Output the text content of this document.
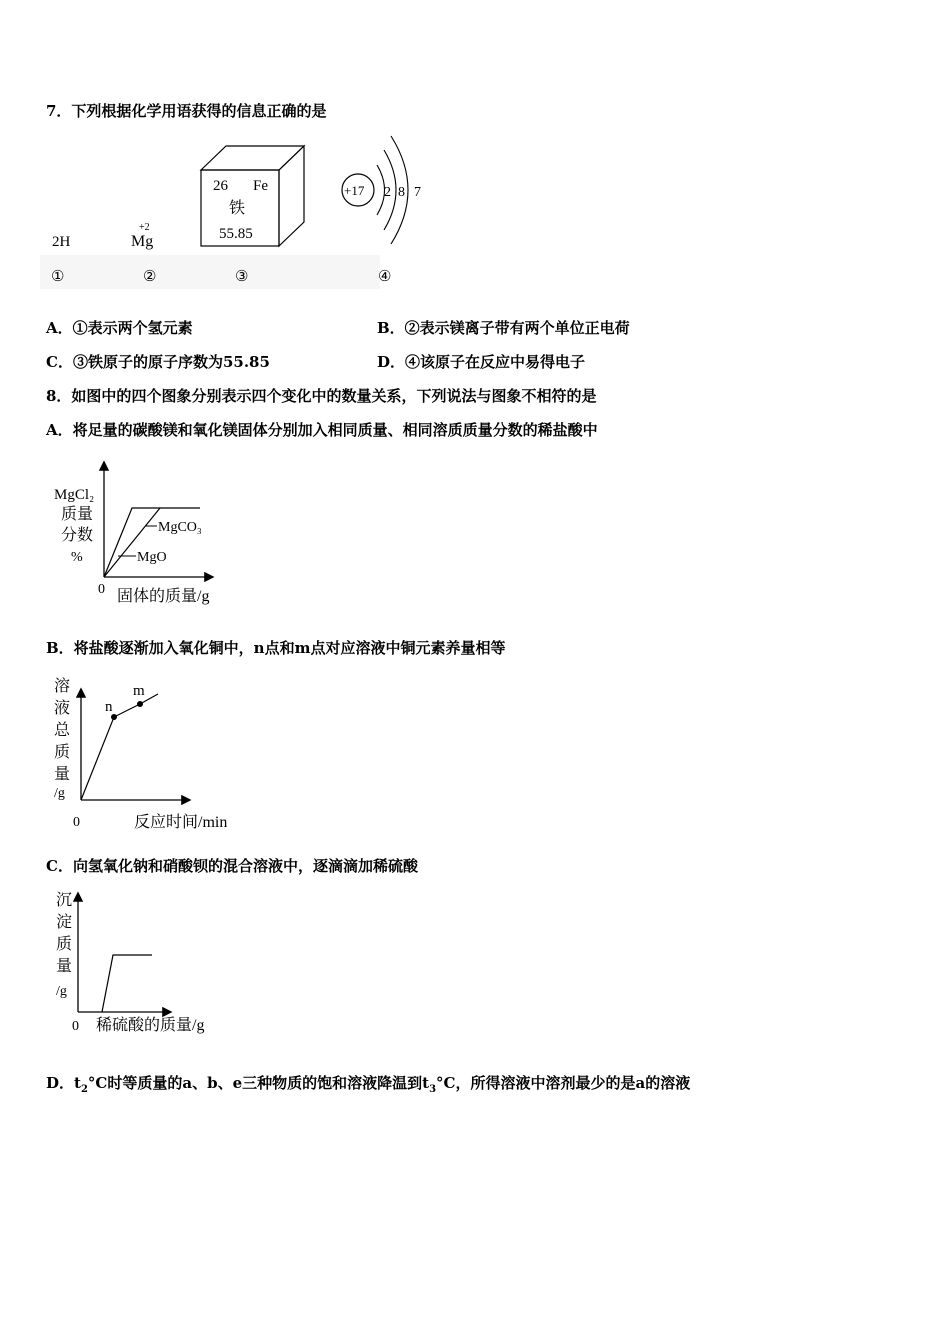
7．下列根据化学用语获得的信息正确的是
2H
+2
Mg
26 Fe
铁
55.85
+17 2 8 7
①	②	③	④
A．①表示两个氢元素	B．②表示镁离子带有两个单位正电荷
C．③铁原子的原子序数为55.85	D．④该原子在反应中易得电子
8．如图中的四个图象分别表示四个变化中的数量关系，下列说法与图象不相符的是
A．将足量的碳酸镁和氧化镁固体分别加入相同质量、相同溶质质量分数的稀盐酸中
MgCO₃
MgO
MgCl₂
质量
分数
%
0 固体的质量/g
B．将盐酸逐渐加入氧化铜中，n点和m点对应溶液中铜元素养量相等
n
m
溶
液
总
质
量
/g
0	反应时间/min
C．向氢氧化钠和硝酸钡的混合溶液中，逐滴滴加稀硫酸
沉
淀
质
量
/g
0 稀硫酸的质量/g
D．$t_2^\circ C$时等质量的a、b、e三种物质的饱和溶液降温到$t_3^\circ C$，所得溶液中溶剂最少的是a的溶液
